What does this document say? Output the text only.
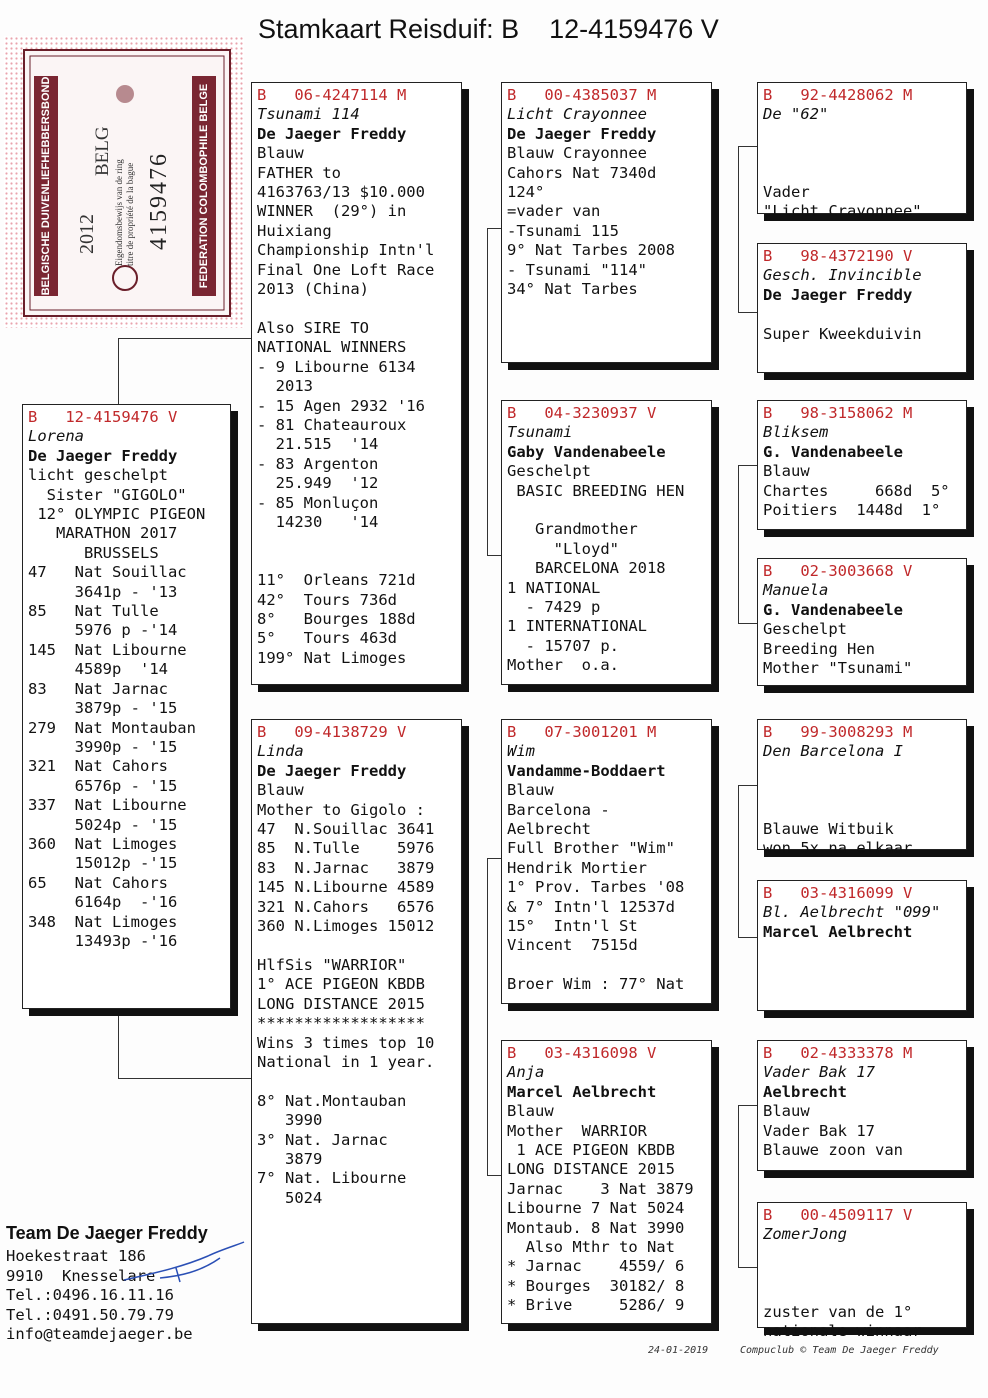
Stamkaart Reisduif: B    12-4159476 V
BELGISCHE DUIVENLIEFHEBBERSBOND	FEDERATION COLOMBOPHILE BELGE
2012
BELG
Eigendomsbewijs van de ring titre de propriété de la bague 4159476
B   12-4159476 V
Lorena
De Jaeger Freddy
licht geschelpt
Sister "GIGOLO"
12° OLYMPIC PIGEON
MARATHON 2017
BRUSSELS
47   Nat Souillac
3641p - '13
85   Nat Tulle
5976 p -'14
145  Nat Libourne
4589p  '14
83   Nat Jarnac
3879p - '15
279  Nat Montauban
3990p - '15
321  Nat Cahors
6576p - '15
337  Nat Libourne
5024p - '15
360  Nat Limoges
15012p -'15
65   Nat Cahors
6164p  -'16
348  Nat Limoges
13493p -'16
B   06-4247114 M
Tsunami 114
De Jaeger Freddy
Blauw
FATHER to
4163763/13 $10.000
WINNER  (29°) in
Huixiang
Championship Intn'l
Final One Loft Race
2013 (China)

Also SIRE TO
NATIONAL WINNERS
- 9 Libourne 6134
2013
- 15 Agen 2932 '16
- 81 Chateauroux
21.515  '14
- 83 Argenton
25.949  '12
- 85 Monluçon
14230   '14

11°  Orleans 721d
42°  Tours 736d
8°   Bourges 188d
5°   Tours 463d
199° Nat Limoges
B   09-4138729 V
Linda
De Jaeger Freddy
Blauw
Mother to Gigolo :
47  N.Souillac 3641
85  N.Tulle    5976
83  N.Jarnac   3879
145 N.Libourne 4589
321 N.Cahors   6576
360 N.Limoges 15012

HlfSis "WARRIOR"
1° ACE PIGEON KBDB
LONG DISTANCE 2015
******************
Wins 3 times top 10
National in 1 year.

8° Nat.Montauban
3990
3° Nat. Jarnac
3879
7° Nat. Libourne
5024
B   00-4385037 M
Licht Crayonnee
De Jaeger Freddy
Blauw Crayonnee
Cahors Nat 7340d
124°
=vader van
-Tsunami 115
9° Nat Tarbes 2008
- Tsunami "114"
34° Nat Tarbes
B   04-3230937 V
Tsunami
Gaby Vandenabeele
Geschelpt
BASIC BREEDING HEN

Grandmother
"Lloyd"
BARCELONA 2018
1 NATIONAL
- 7429 p
1 INTERNATIONAL
- 15707 p.
Mother  o.a.
B   07-3001201 M
Wim
Vandamme-Boddaert
Blauw
Barcelona -
Aelbrecht
Full Brother "Wim"
Hendrik Mortier
1° Prov. Tarbes '08
& 7° Intn'l 12537d
15°  Intn'l St
Vincent  7515d

Broer Wim : 77° Nat
B   03-4316098 V
Anja
Marcel Aelbrecht
Blauw
Mother  WARRIOR
1 ACE PIGEON KBDB
LONG DISTANCE 2015
Jarnac    3 Nat 3879
Libourne 7 Nat 5024
Montaub. 8 Nat 3990
Also Mthr to Nat
* Jarnac    4559/ 6
* Bourges  30182/ 8
* Brive     5286/ 9
B   92-4428062 M
De "62"

Vader
"Licht Crayonnee"
B   98-4372190 V
Gesch. Invincible
De Jaeger Freddy

Super Kweekduivin
B   98-3158062 M
Bliksem
G. Vandenabeele
Blauw
Chartes     668d  5°
Poitiers  1448d  1°
B   02-3003668 V
Manuela
G. Vandenabeele
Geschelpt
Breeding Hen
Mother "Tsunami"
B   99-3008293 M
Den Barcelona I

Blauwe Witbuik
won 5x na elkaar
B   03-4316099 V
Bl. Aelbrecht "099"
Marcel Aelbrecht
B   02-4333378 M
Vader Bak 17
Aelbrecht
Blauw
Vader Bak 17
Blauwe zoon van
B   00-4509117 V
ZomerJong

zuster van de 1°
nationale winnaar
Team De Jaeger Freddy
Hoekestraat 186
9910  Knesselare
Tel.:0496.16.11.16
Tel.:0491.50.79.79
info@teamdejaeger.be
24-01-2019	Compuclub © Team De Jaeger Freddy
